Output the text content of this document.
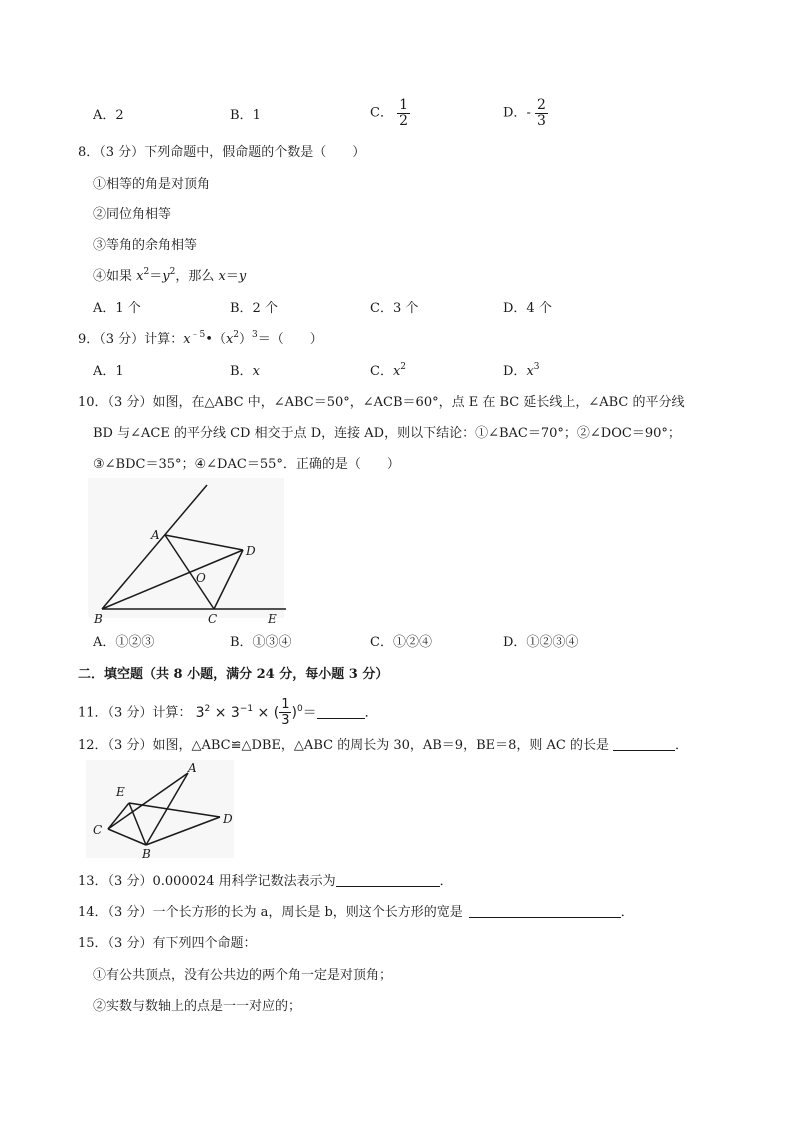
A．2	B．1	C． $\frac{1}{2}$	D．- $\frac{2}{3}$
8．（3 分）下列命题中，假命题的个数是（　　）
①相等的角是对顶角
②同位角相等
③等角的余角相等
④如果 $x^2=y^2$，那么 x＝y
A．1 个	B．2 个	C．3 个	D．4 个
9．（3 分）计算：$x^{﹣5}•(x^2)^3=$（　　）
A．1	B．x	C．$x^2$	D．$x^3$
10．（3 分）如图，在△ABC 中，∠ABC＝50°，∠ACB＝60°，点 E 在 BC 延长线上，∠ABC 的平分线
BD 与∠ACE 的平分线 CD 相交于点 D，连接 AD，则以下结论：①∠BAC＝70°；②∠DOC＝90°；
③∠BDC＝35°；④∠DAC＝55°．正确的是（　　）
A
D
O
B	C	E
A．①②③	B．①③④	C．①②④	D．①②③④
二．填空题（共 8 小题，满分 24 分，每小题 3 分）
11．（3 分）计算： $3^2 \times 3^{-1}$ × ( $\frac{1}{3} )^0=$	．
12．（3 分）如图，△ABC≌△DBE，△ABC 的周长为 30，AB＝9，BE＝8，则 AC 的长是	．
A
E
C
D
B
13．（3 分）0.000024 用科学记数法表示为	．
14．（3 分）一个长方形的长为 a，周长是 b，则这个长方形的宽是	．
15．（3 分）有下列四个命题：
①有公共顶点，没有公共边的两个角一定是对顶角；
②实数与数轴上的点是一一对应的；
